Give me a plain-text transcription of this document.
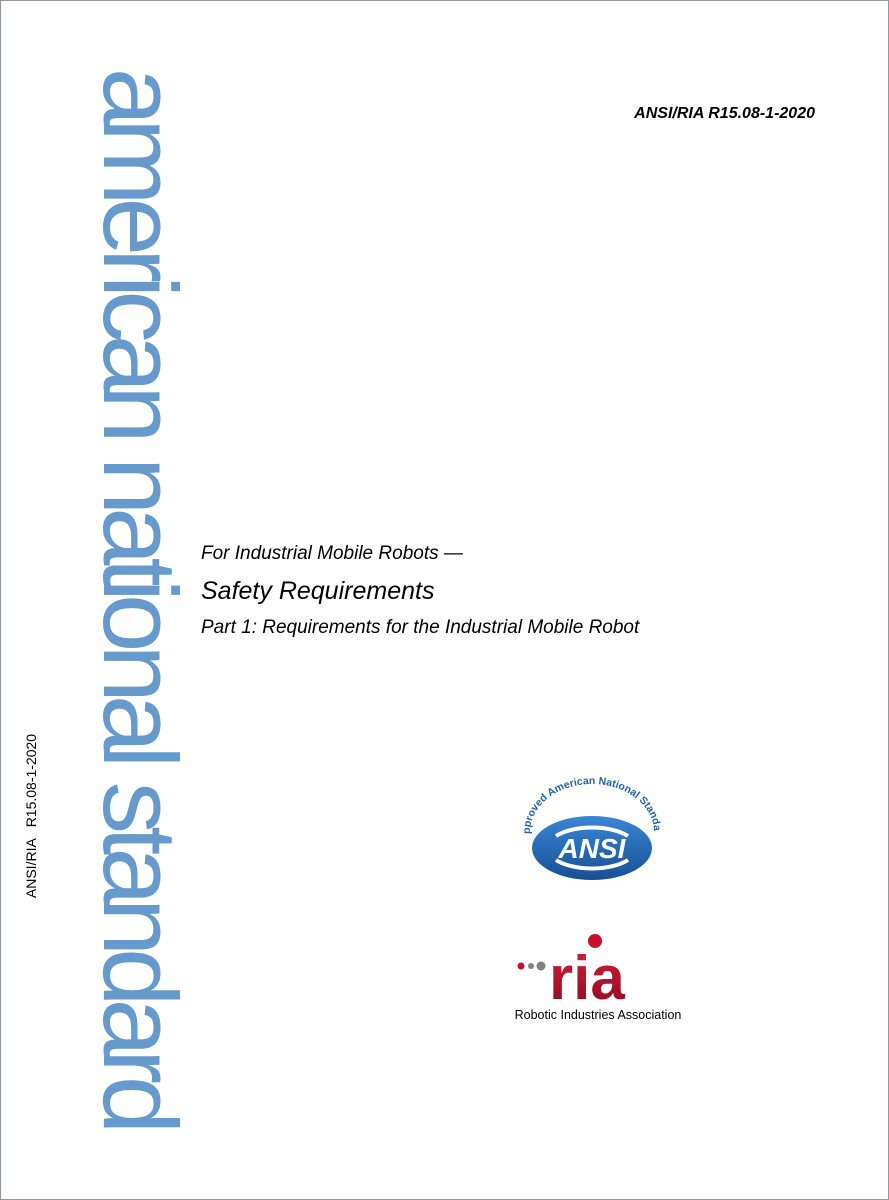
ANSI/RIA R15.08-1-2020
american national standard
ANSI/RIA   R15.08-1-2020

For Industrial Mobile Robots —

Safety Requirements

Part 1: Requirements for the Industrial Mobile Robot

pproved American National Standa
ANSI
ria
Robotic Industries Association
